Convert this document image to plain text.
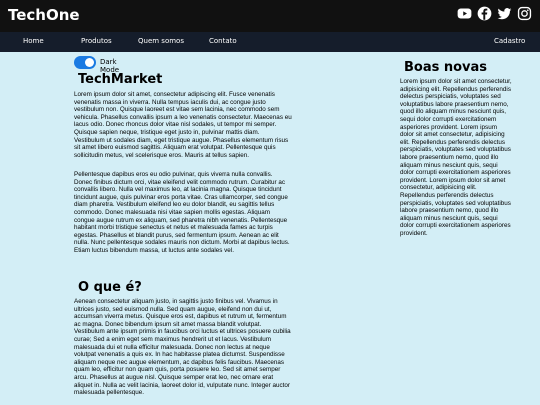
TechOne
Home	Produtos	Quem somos	Contato	Cadastro
Dark Mode
TechMarket

Lorem ipsum dolor sit amet, consectetur adipiscing elit. Fusce venenatis venenatis massa in viverra. Nulla tempus iaculis dui, ac congue justo vestibulum non. Quisque laoreet est vitae sem lacinia, nec commodo sem vehicula. Phasellus convallis ipsum a leo venenatis consectetur. Maecenas eu lacus odio. Donec rhoncus dolor vitae nisl sodales, ut tempor mi semper. Quisque sapien neque, tristique eget justo in, pulvinar mattis diam. Vestibulum ut sodales diam, eget tristique augue. Phasellus elementum risus sit amet libero euismod sagittis. Aliquam erat volutpat. Pellentesque quis sollicitudin metus, vel scelerisque eros. Mauris at tellus sapien.

Pellentesque dapibus eros eu odio pulvinar, quis viverra nulla convallis. Donec finibus dictum orci, vitae eleifend velit commodo rutrum. Curabitur ac convallis libero. Nulla vel maximus leo, at lacinia magna. Quisque tincidunt tincidunt augue, quis pulvinar eros porta vitae. Cras ullamcorper, sed congue diam pharetra. Vestibulum eleifend leo eu dolor blandit, eu sagittis tellus commodo. Donec malesuada nisi vitae sapien mollis egestas. Aliquam congue augue rutrum ex aliquam, sed pharetra nibh venenatis. Pellentesque habitant morbi tristique senectus et netus et malesuada fames ac turpis egestas. Phasellus et blandit purus, sed fermentum ipsum. Aenean ac elit nulla. Nunc pellentesque sodales mauris non dictum. Morbi at dapibus lectus. Etiam luctus bibendum massa, ut luctus ante sodales vel.

O que é?

Aenean consectetur aliquam justo, in sagittis justo finibus vel. Vivamus in ultrices justo, sed euismod nulla. Sed quam augue, eleifend non dui ut, accumsan viverra metus. Quisque eros est, dapibus et rutrum ut, fermentum ac magna. Donec bibendum ipsum sit amet massa blandit volutpat. Vestibulum ante ipsum primis in faucibus orci luctus et ultrices posuere cubilia curae; Sed a enim eget sem maximus hendrerit ut et lacus. Vestibulum malesuada dui et nulla efficitur malesuada. Donec non lectus at neque volutpat venenatis a quis ex. In hac habitasse platea dictumst. Suspendisse aliquam neque nec augue elementum, ac dapibus felis faucibus. Maecenas quam leo, efficitur non quam quis, porta posuere leo. Sed sit amet semper arcu. Phasellus at augue nisl. Quisque semper erat leo, nec ornare erat aliquet in. Nulla ac velit lacinia, laoreet dolor id, vulputate nunc. Integer auctor malesuada pellentesque.

Boas novas

Lorem ipsum dolor sit amet consectetur, adipisicing elit. Repellendus perferendis delectus perspiciatis, voluptates sed voluptatibus labore praesentium nemo, quod illo aliquam minus nesciunt quis, sequi dolor corrupti exercitationem asperiores provident. Lorem ipsum dolor sit amet consectetur, adipisicing elit. Repellendus perferendis delectus perspiciatis, voluptates sed voluptatibus labore praesentium nemo, quod illo aliquam minus nesciunt quis, sequi dolor corrupti exercitationem asperiores provident. Lorem ipsum dolor sit amet consectetur, adipisicing elit. Repellendus perferendis delectus perspiciatis, voluptates sed voluptatibus labore praesentium nemo, quod illo aliquam minus nesciunt quis, sequi dolor corrupti exercitationem asperiores provident.
